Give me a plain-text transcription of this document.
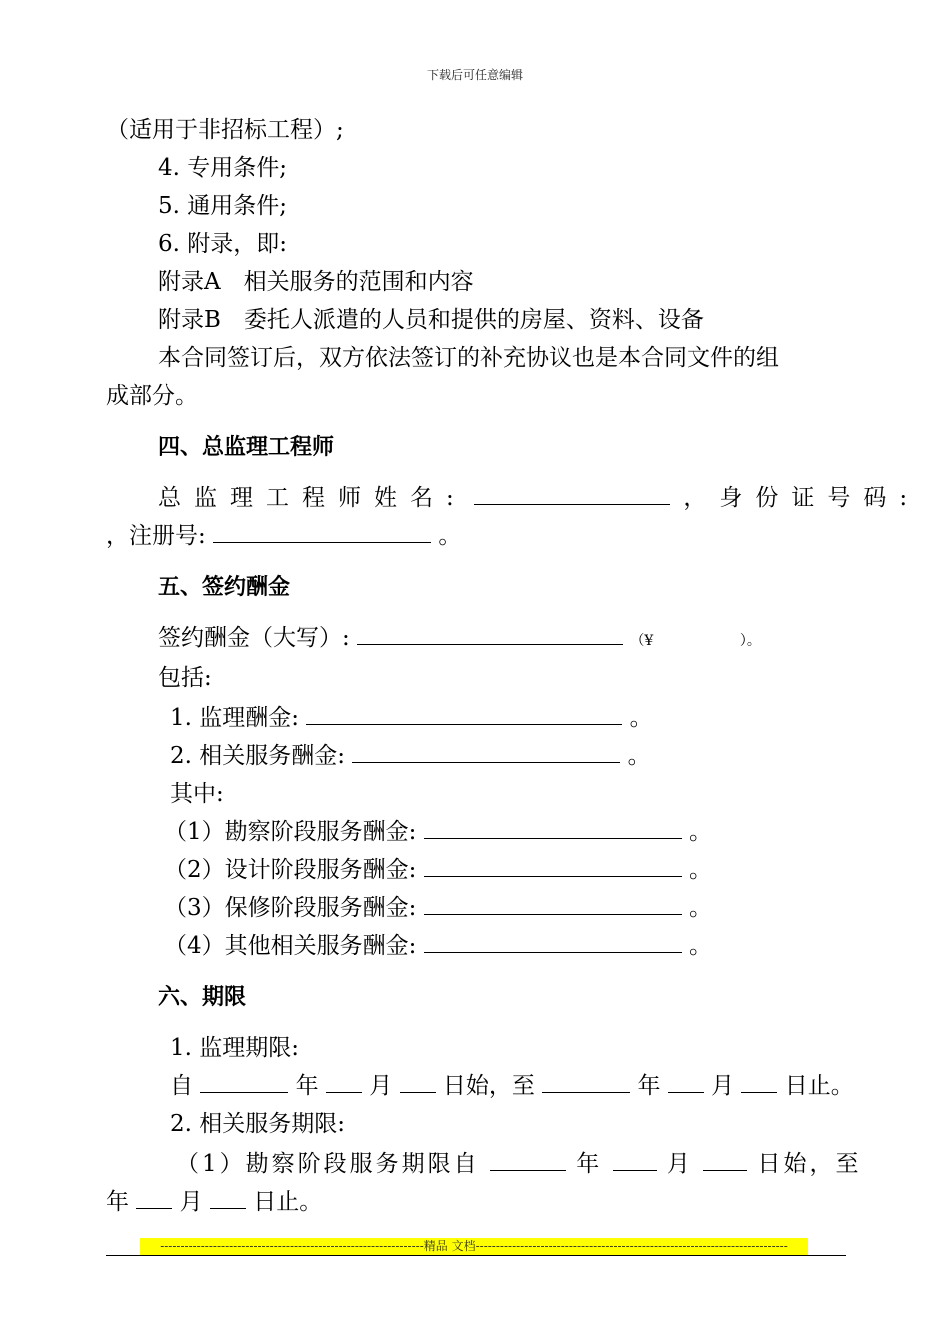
下载后可任意编辑
（适用于非招标工程）;
4. 专用条件;
5. 通用条件;
6. 附录，即:
附录A　相关服务的范围和内容
附录B　委托人派遣的人员和提供的房屋、资料、设备
本合同签订后，双方依法签订的补充协议也是本合同文件的组
成部分。
四、总监理工程师
总监理工程师姓名:	，身份证号码:
，注册号:	。
五、签约酬金
签约酬金（大写）:	（¥	）。
包括:
1. 监理酬金:	。
2. 相关服务酬金:	。
其中:
（1）勘察阶段服务酬金:	。
（2）设计阶段服务酬金:	。
（3）保修阶段服务酬金:	。
（4）其他相关服务酬金:	。
六、期限
1. 监理期限:
自	年 月 日始，至	年 月 日止。
2. 相关服务期限:
（1）勘察阶段服务期限自	年	月	日始，至
年 月 日止。
-----------------------------------------------------------------精品 文档-----------------------------------------------------------------------------
